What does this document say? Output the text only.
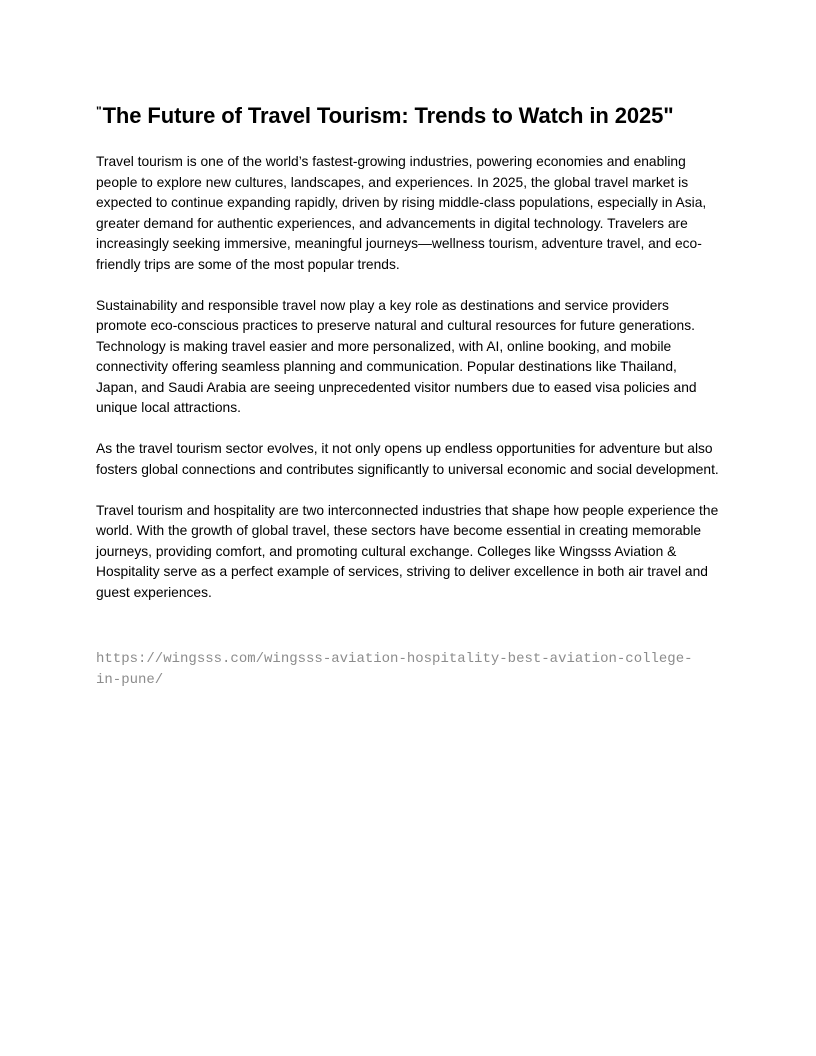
"The Future of Travel Tourism: Trends to Watch in 2025"

Travel tourism is one of the world’s fastest-growing industries, powering economies and enabling people to explore new cultures, landscapes, and experiences. In 2025, the global travel market is expected to continue expanding rapidly, driven by rising middle-class populations, especially in Asia, greater demand for authentic experiences, and advancements in digital technology. Travelers are increasingly seeking immersive, meaningful journeys—wellness tourism, adventure travel, and eco-friendly trips are some of the most popular trends.

Sustainability and responsible travel now play a key role as destinations and service providers promote eco-conscious practices to preserve natural and cultural resources for future generations. Technology is making travel easier and more personalized, with AI, online booking, and mobile connectivity offering seamless planning and communication. Popular destinations like Thailand, Japan, and Saudi Arabia are seeing unprecedented visitor numbers due to eased visa policies and unique local attractions.

As the travel tourism sector evolves, it not only opens up endless opportunities for adventure but also fosters global connections and contributes significantly to universal economic and social development.

Travel tourism and hospitality are two interconnected industries that shape how people experience the world. With the growth of global travel, these sectors have become essential in creating memorable journeys, providing comfort, and promoting cultural exchange. Colleges like Wingsss Aviation & Hospitality serve as a perfect example of services, striving to deliver excellence in both air travel and guest experiences.

https://wingsss.com/wingsss-aviation-hospitality-best-aviation-college-in-pune/
